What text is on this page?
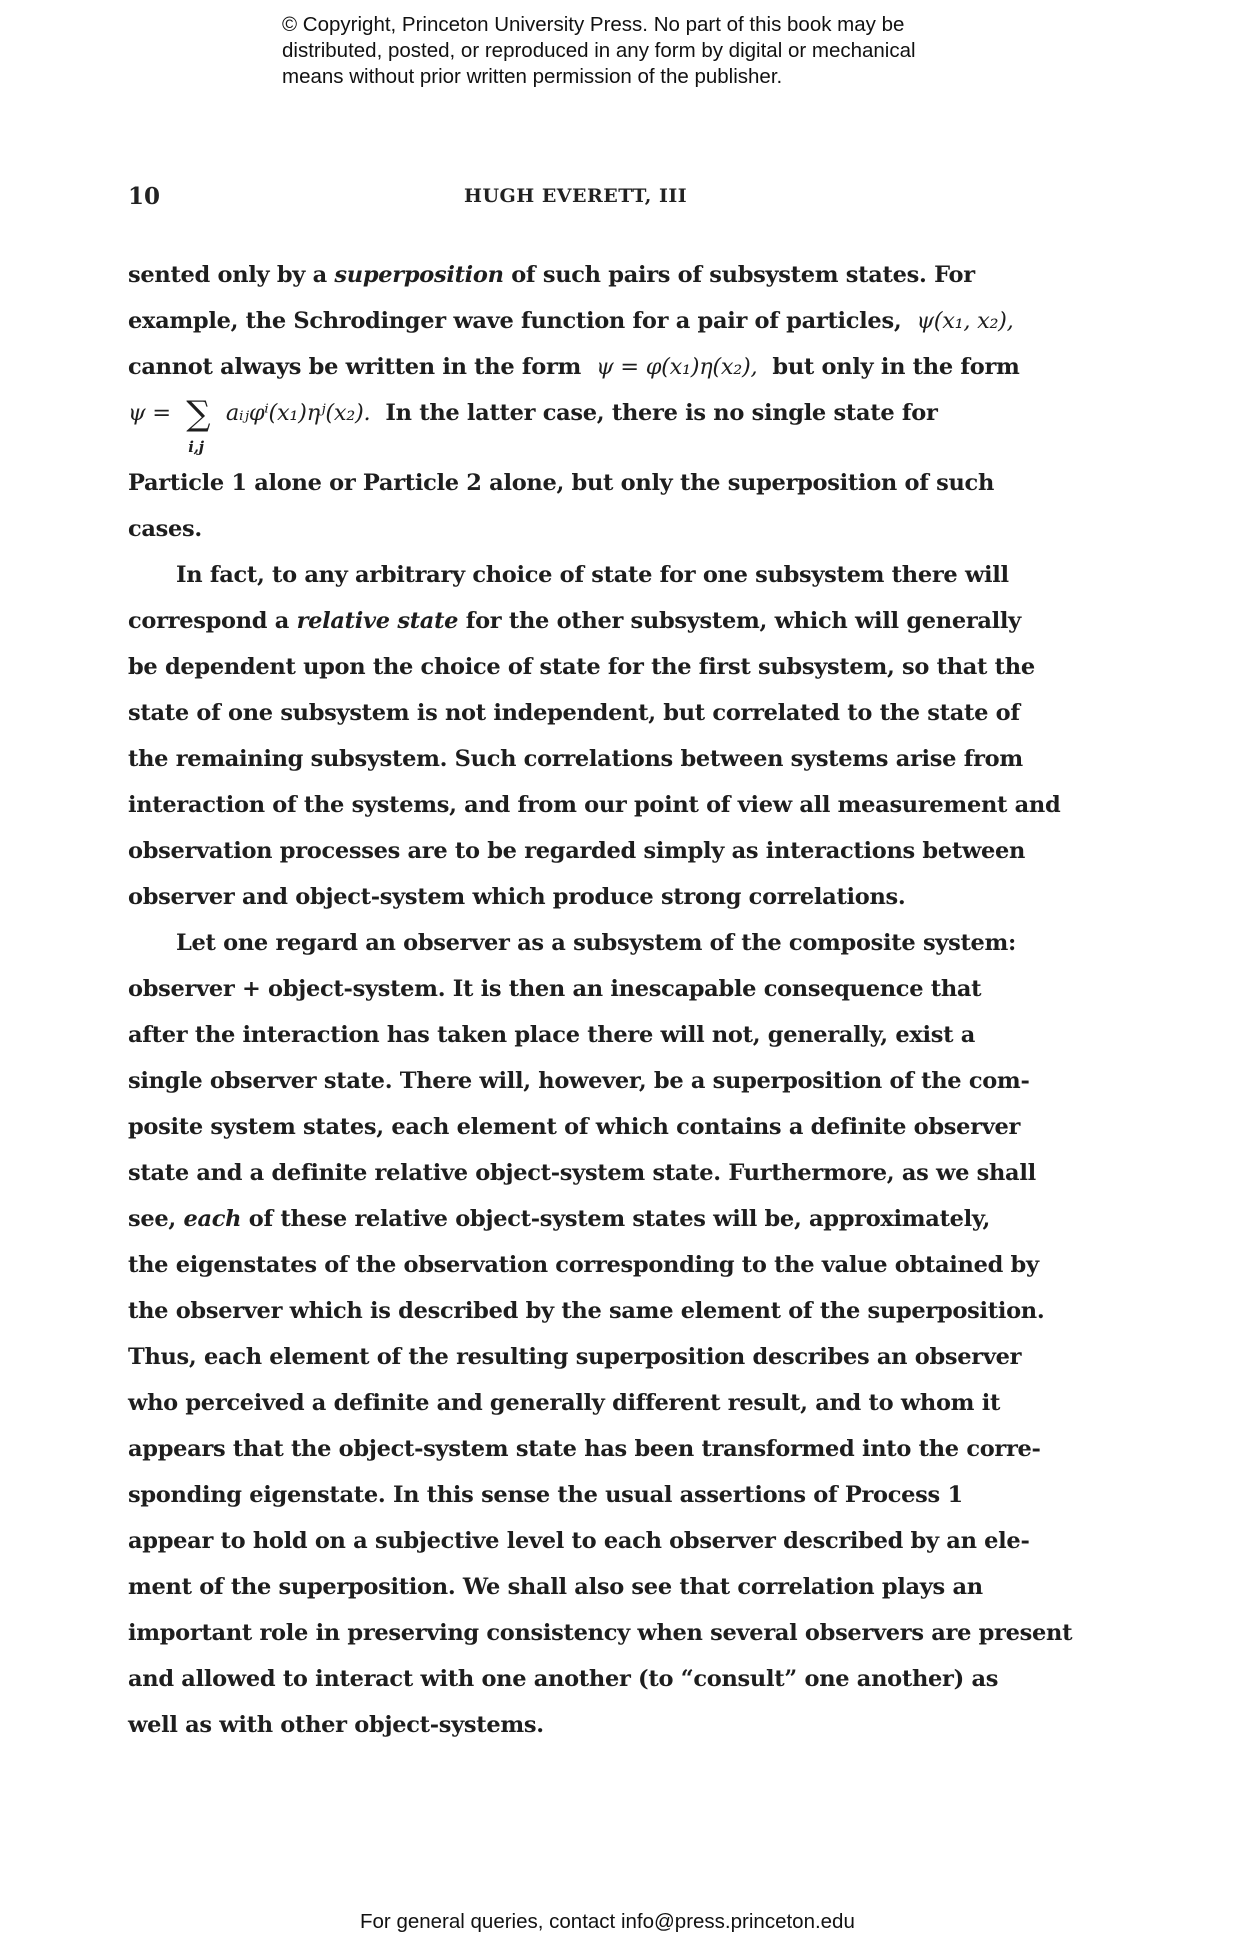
© Copyright, Princeton University Press. No part of this book may be
distributed, posted, or reproduced in any form by digital or mechanical
means without prior written permission of the publisher.
10	HUGH EVERETT, III
sented only by a superposition of such pairs of subsystem states. For
example, the Schrodinger wave function for a pair of particles, ψ(x₁, x₂),
cannot always be written in the form ψ = φ(x₁)η(x₂), but only in the form
ψ = ∑
i,j
aᵢⱼφⁱ(x₁)ηʲ(x₂). In the latter case, there is no single state for
Particle 1 alone or Particle 2 alone, but only the superposition of such
cases.
In fact, to any arbitrary choice of state for one subsystem there will
correspond a relative state for the other subsystem, which will generally
be dependent upon the choice of state for the first subsystem, so that the
state of one subsystem is not independent, but correlated to the state of
the remaining subsystem. Such correlations between systems arise from
interaction of the systems, and from our point of view all measurement and
observation processes are to be regarded simply as interactions between
observer and object-system which produce strong correlations.
Let one regard an observer as a subsystem of the composite system:
observer + object-system. It is then an inescapable consequence that
after the interaction has taken place there will not, generally, exist a
single observer state. There will, however, be a superposition of the com-
posite system states, each element of which contains a definite observer
state and a definite relative object-system state. Furthermore, as we shall
see, each of these relative object-system states will be, approximately,
the eigenstates of the observation corresponding to the value obtained by
the observer which is described by the same element of the superposition.
Thus, each element of the resulting superposition describes an observer
who perceived a definite and generally different result, and to whom it
appears that the object-system state has been transformed into the corre-
sponding eigenstate. In this sense the usual assertions of Process 1
appear to hold on a subjective level to each observer described by an ele-
ment of the superposition. We shall also see that correlation plays an
important role in preserving consistency when several observers are present
and allowed to interact with one another (to “consult” one another) as
well as with other object-systems.
For general queries, contact info@press.princeton.edu
